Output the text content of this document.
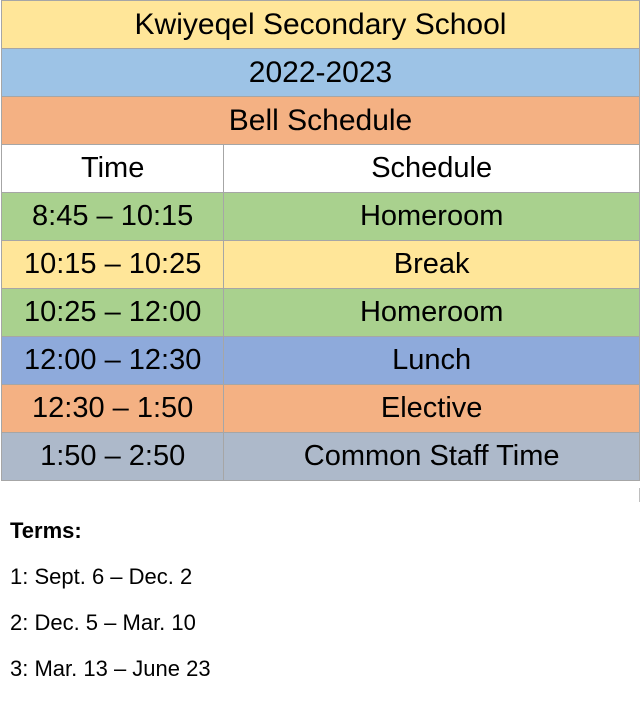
Kwiyeqel Secondary School	
2022-2023	
Bell Schedule	
Time	Schedule
8:45 – 10:15	Homeroom
10:15 – 10:25	Break
10:25 – 12:00	Homeroom
12:00 – 12:30	Lunch
12:30 – 1:50	Elective
1:50 – 2:50	Common Staff Time
Terms:
1: Sept. 6 – Dec. 2
2: Dec. 5 – Mar. 10
3: Mar. 13 – June 23
